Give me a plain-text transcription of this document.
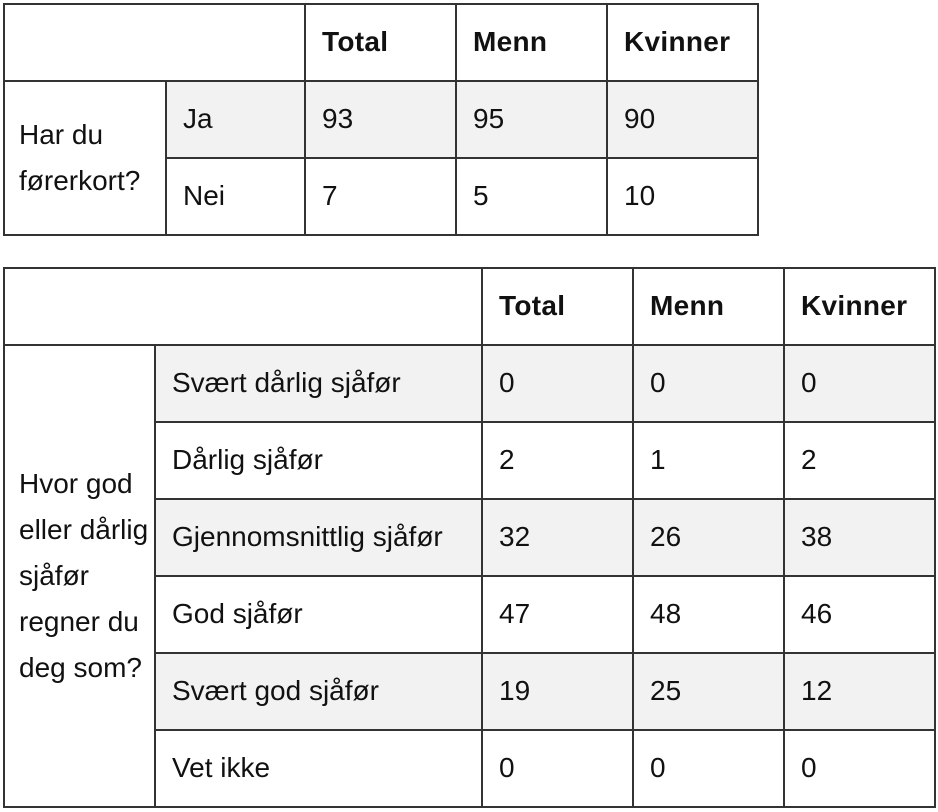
		Total	Menn	Kvinner
Har du førerkort?	Ja	93	95	90
	Nei	7	5	10
		Total	Menn	Kvinner
Hvor god eller dårlig sjåfør regner du deg som?	Svært dårlig sjåfør	0	0	0
	Dårlig sjåfør	2	1	2
	Gjennomsnittlig sjåfør	32	26	38
	God sjåfør	47	48	46
	Svært god sjåfør	19	25	12
	Vet ikke	0	0	0
